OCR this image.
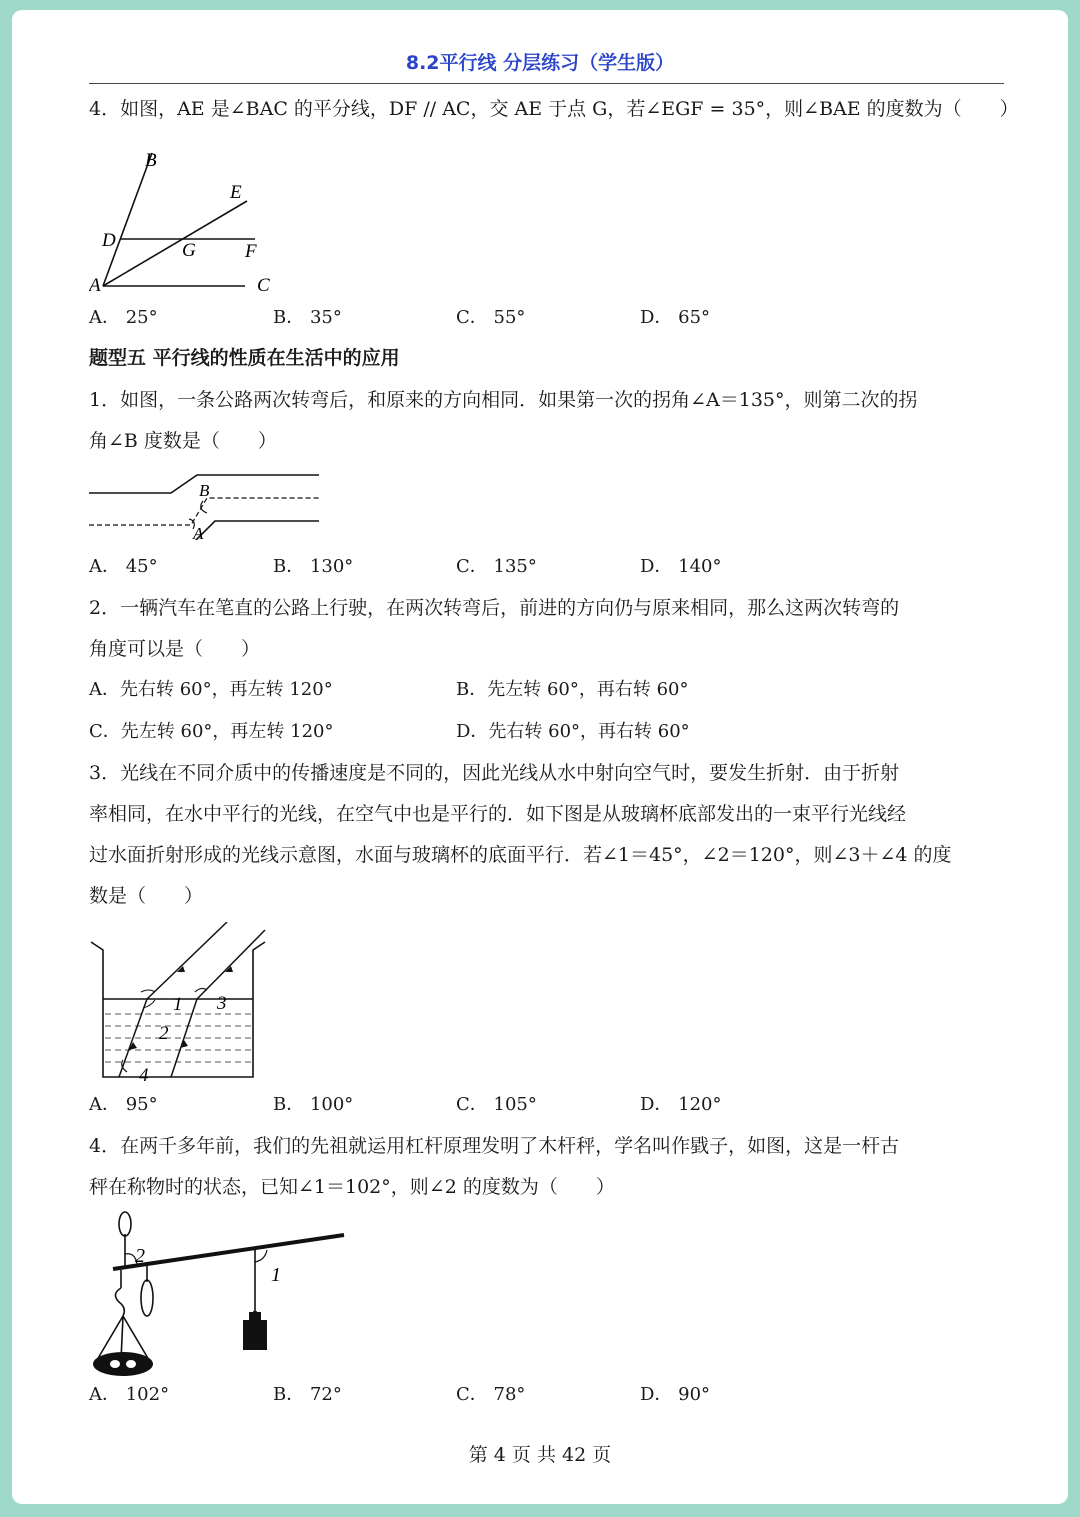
8.2平行线 分层练习（学生版）
4．如图，AE 是∠BAC 的平分线，DF // AC，交 AE 于点 G，若∠EGF = 35°，则∠BAE 的度数为（　　）
B
E
D	G	F
A	C
A． 25°	B． 35°	C． 55°	D． 65°
题型五 平行线的性质在生活中的应用
1．如图，一条公路两次转弯后，和原来的方向相同．如果第一次的拐角∠A＝135°，则第二次的拐
角∠B 度数是（　　）
B
A
A． 45°	B． 130°	C． 135°	D． 140°
2．一辆汽车在笔直的公路上行驶，在两次转弯后，前进的方向仍与原来相同，那么这两次转弯的
角度可以是（　　）
A．先右转 60°，再左转 120°	B．先左转 60°，再右转 60°
C．先左转 60°，再左转 120°	D．先右转 60°，再右转 60°
3．光线在不同介质中的传播速度是不同的，因此光线从水中射向空气时，要发生折射．由于折射
率相同，在水中平行的光线，在空气中也是平行的．如下图是从玻璃杯底部发出的一束平行光线经
过水面折射形成的光线示意图，水面与玻璃杯的底面平行．若∠1＝45°，∠2＝120°，则∠3＋∠4 的度
数是（　　）
1 3
2
4
A． 95°	B． 100°	C． 105°	D． 120°
4．在两千多年前，我们的先祖就运用杠杆原理发明了木杆秤，学名叫作戥子，如图，这是一杆古
秤在称物时的状态，已知∠1＝102°，则∠2 的度数为（　　）
2
1
A． 102°	B． 72°	C． 78°	D． 90°
第 4 页 共 42 页
